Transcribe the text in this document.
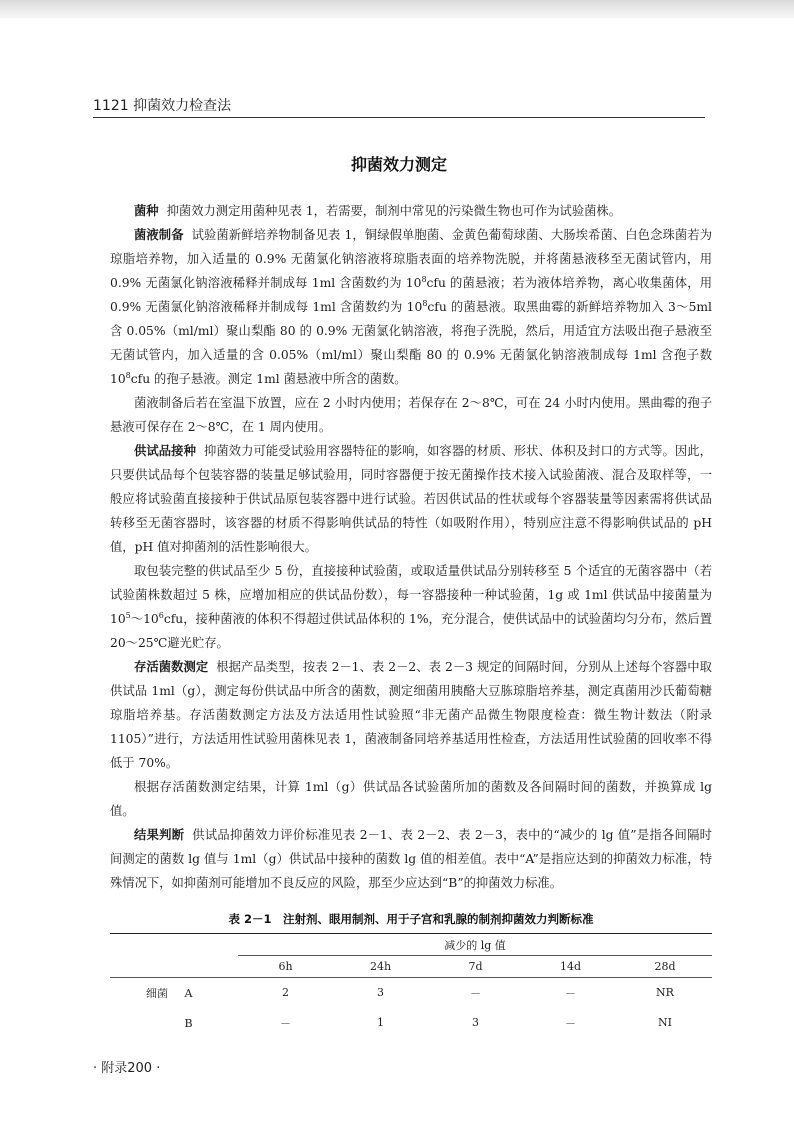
1121 抑菌效力检查法
抑菌效力测定

菌种 抑菌效力测定用菌种见表 1，若需要，制剂中常见的污染微生物也可作为试验菌株。

菌液制备 试验菌新鲜培养物制备见表 1，铜绿假单胞菌、金黄色葡萄球菌、大肠埃希菌、白色念珠菌若为琼脂培养物，加入适量的 0.9% 无菌氯化钠溶液将琼脂表面的培养物洗脱，并将菌悬液移至无菌试管内，用 0.9% 无菌氯化钠溶液稀释并制成每 1ml 含菌数约为 $10^8cfu$ 的菌悬液；若为液体培养物，离心收集菌体，用 0.9% 无菌氯化钠溶液稀释并制成每 1ml 含菌数约为 $10^8cfu$ 的菌悬液。取黑曲霉的新鲜培养物加入 3～5ml 含 0.05%（ml/ml）聚山梨酯 80 的 0.9% 无菌氯化钠溶液，将孢子洗脱，然后，用适宜方法吸出孢子悬液至无菌试管内，加入适量的含 0.05%（ml/ml）聚山梨酯 80 的 0.9% 无菌氯化钠溶液制成每 1ml 含孢子数 $10^8cfu$ 的孢子悬液。测定 1ml 菌悬液中所含的菌数。

菌液制备后若在室温下放置，应在 2 小时内使用；若保存在 2～8℃，可在 24 小时内使用。黑曲霉的孢子悬液可保存在 2～8℃，在 1 周内使用。

供试品接种 抑菌效力可能受试验用容器特征的影响，如容器的材质、形状、体积及封口的方式等。因此，只要供试品每个包装容器的装量足够试验用，同时容器便于按无菌操作技术接入试验菌液、混合及取样等，一般应将试验菌直接接种于供试品原包装容器中进行试验。若因供试品的性状或每个容器装量等因素需将供试品转移至无菌容器时，该容器的材质不得影响供试品的特性（如吸附作用），特别应注意不得影响供试品的 pH 值，pH 值对抑菌剂的活性影响很大。

取包装完整的供试品至少 5 份，直接接种试验菌，或取适量供试品分别转移至 5 个适宜的无菌容器中（若试验菌株数超过 5 株，应增加相应的供试品份数），每一容器接种一种试验菌，1g 或 1ml 供试品中接菌量为 $10^5\sim 10^6cfu$，接种菌液的体积不得超过供试品体积的 1%，充分混合，使供试品中的试验菌均匀分布，然后置 20～25℃避光贮存。

存活菌数测定 根据产品类型，按表 2－1、表 2－2、表 2－3 规定的间隔时间，分别从上述每个容器中取供试品 1ml（g），测定每份供试品中所含的菌数，测定细菌用胰酪大豆胨琼脂培养基，测定真菌用沙氏葡萄糖琼脂培养基。存活菌数测定方法及方法适用性试验照“非无菌产品微生物限度检查：微生物计数法（附录 1105）”进行，方法适用性试验用菌株见表 1，菌液制备同培养基适用性检查，方法适用性试验菌的回收率不得低于 70%。

根据存活菌数测定结果，计算 1ml（g）供试品各试验菌所加的菌数及各间隔时间的菌数，并换算成 lg 值。

结果判断 供试品抑菌效力评价标准见表 2－1、表 2－2、表 2－3，表中的“减少的 lg 值”是指各间隔时间测定的菌数 lg 值与 1ml（g）供试品中接种的菌数 lg 值的相差值。表中“A”是指应达到的抑菌效力标准，特殊情况下，如抑菌剂可能增加不良反应的风险，那至少应达到“B”的抑菌效力标准。

表 2－1　注射剂、眼用制剂、用于子宫和乳腺的制剂抑菌效力判断标准
	减少的 lg 值				
	6h	24h	7d	14d	28d
细菌　  A	2	3	－	－	NR
　 B	－	1	3	－	NI
· 附录200 ·
